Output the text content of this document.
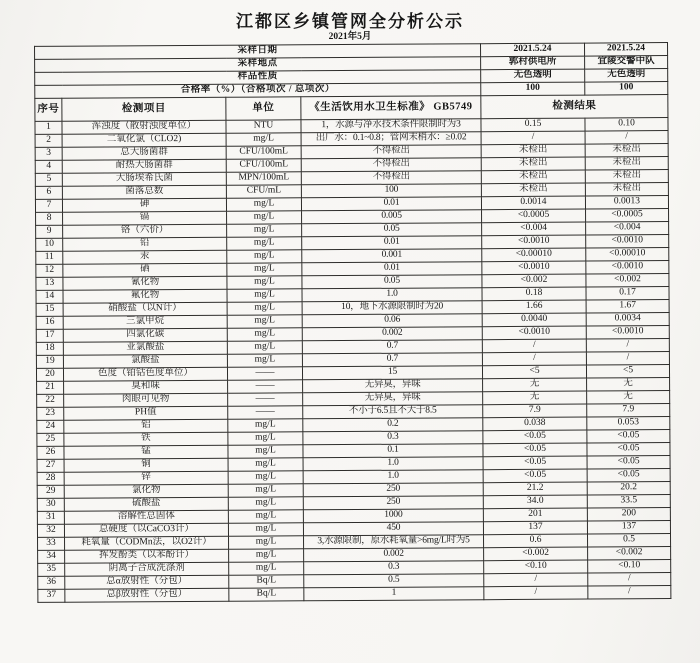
江都区乡镇管网全分析公示
2021年5月
采样日期				2021.5.24	2021.5.24
采样地点				郭村供电所	宜陵交警中队
样品性质				无色透明	无色透明
合格率（%）（合格项次 / 总项次）				100	100
序号	检测项目	单位	《生活饮用水卫生标准》 GB5749	检测结果	
1	浑浊度（散射浊度单位）	NTU	1，水源与净水技术条件限制时为3	0.15	0.10
2	二氧化氯（CLO2)	mg/L	出厂水：0.1~0.8；管网末梢水：≥0.02	/	/
3	总大肠菌群	CFU/100mL	不得检出	未检出	未检出
4	耐热大肠菌群	CFU/100mL	不得检出	未检出	未检出
5	大肠埃希氏菌	MPN/100mL	不得检出	未检出	未检出
6	菌落总数	CFU/mL	100	未检出	未检出
7	砷	mg/L	0.01	0.0014	0.0013
8	镉	mg/L	0.005	<0.0005	<0.0005
9	铬（六价）	mg/L	0.05	<0.004	<0.004
10	铅	mg/L	0.01	<0.0010	<0.0010
11	汞	mg/L	0.001	<0.00010	<0.00010
12	硒	mg/L	0.01	<0.0010	<0.0010
13	氰化物	mg/L	0.05	<0.002	<0.002
14	氟化物	mg/L	1.0	0.18	0.17
15	硝酸盐（以N计）	mg/L	10，地下水源限制时为20	1.66	1.67
16	三氯甲烷	mg/L	0.06	0.0040	0.0034
17	四氯化碳	mg/L	0.002	<0.0010	<0.0010
18	亚氯酸盐	mg/L	0.7	/	/
19	氯酸盐	mg/L	0.7	/	/
20	色度（铂钴色度单位）	——	15	<5	<5
21	臭和味	——	无异臭，异味	无	无
22	肉眼可见物	——	无异臭，异味	无	无
23	PH值	——	不小于6.5且不大于8.5	7.9	7.9
24	铝	mg/L	0.2	0.038	0.053
25	铁	mg/L	0.3	<0.05	<0.05
26	锰	mg/L	0.1	<0.05	<0.05
27	铜	mg/L	1.0	<0.05	<0.05
28	锌	mg/L	1.0	<0.05	<0.05
29	氯化物	mg/L	250	21.2	20.2
30	硫酸盐	mg/L	250	34.0	33.5
31	溶解性总固体	mg/L	1000	201	200
32	总硬度（以CaCO3计）	mg/L	450	137	137
33	耗氧量（CODMn法，以O2计）	mg/L	3,水源限制，原水耗氧量>6mg/L时为5	0.6	0.5
34	挥发酚类（以苯酚计）	mg/L	0.002	<0.002	<0.002
35	阴离子合成洗涤剂	mg/L	0.3	<0.10	<0.10
36	总α放射性（分包）	Bq/L	0.5	/	/
37	总β放射性（分包）	Bq/L	1	/	/
